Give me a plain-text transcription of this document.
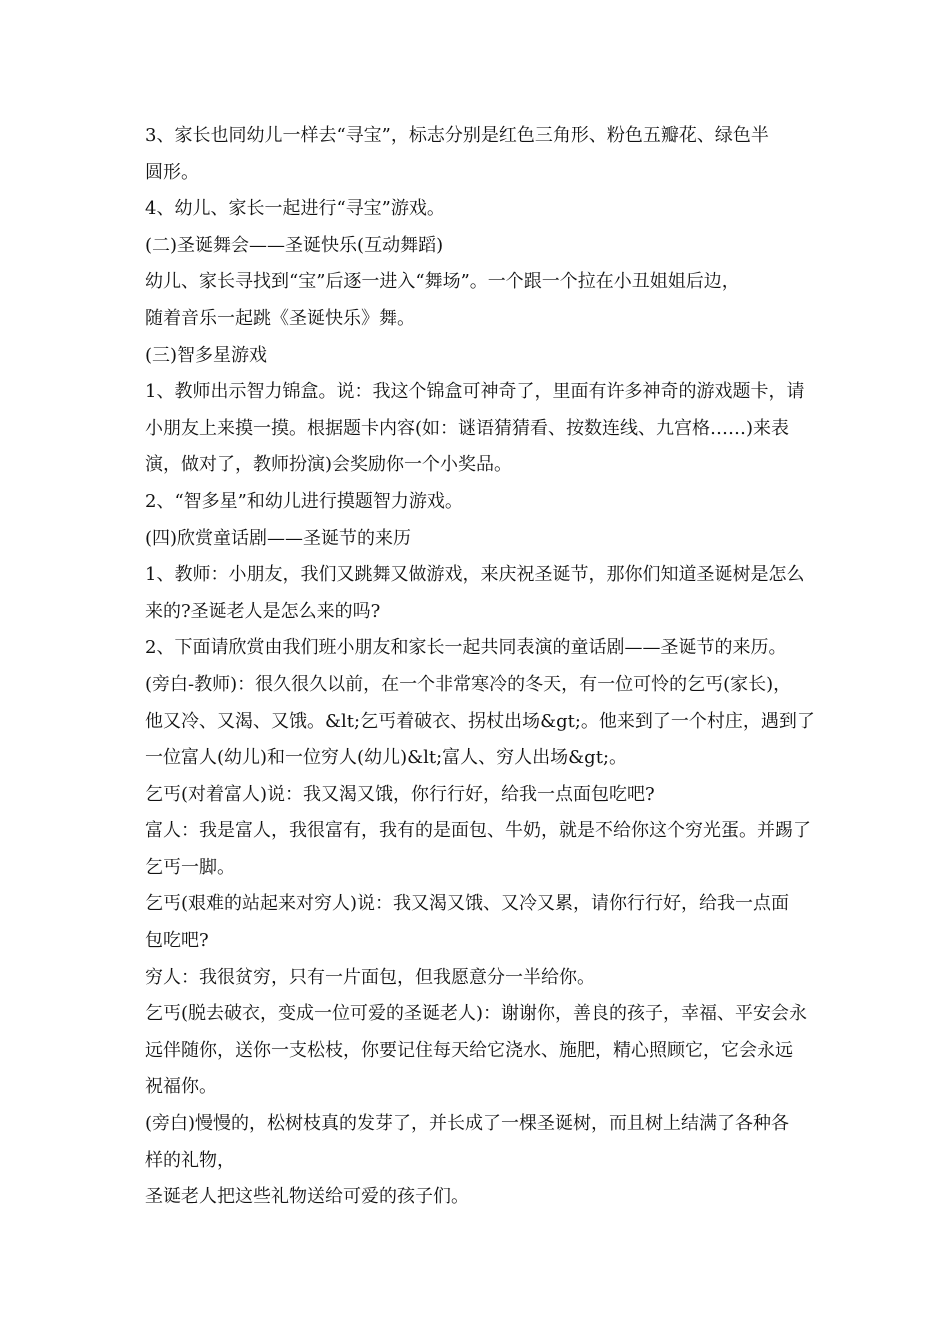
3、家长也同幼儿一样去“寻宝”，标志分别是红色三角形、粉色五瓣花、绿色半

圆形。

4、幼儿、家长一起进行“寻宝”游戏。

(二)圣诞舞会——圣诞快乐(互动舞蹈)

幼儿、家长寻找到“宝”后逐一进入“舞场”。一个跟一个拉在小丑姐姐后边，

随着音乐一起跳《圣诞快乐》舞。

(三)智多星游戏

1、教师出示智力锦盒。说：我这个锦盒可神奇了，里面有许多神奇的游戏题卡，请

小朋友上来摸一摸。根据题卡内容(如：谜语猜猜看、按数连线、九宫格……)来表

演，做对了，教师扮演)会奖励你一个小奖品。

2、“智多星”和幼儿进行摸题智力游戏。

(四)欣赏童话剧——圣诞节的来历

1、教师：小朋友，我们又跳舞又做游戏，来庆祝圣诞节，那你们知道圣诞树是怎么

来的?圣诞老人是怎么来的吗?

2、下面请欣赏由我们班小朋友和家长一起共同表演的童话剧——圣诞节的来历。

(旁白-教师)：很久很久以前，在一个非常寒冷的冬天，有一位可怜的乞丐(家长)，

他又冷、又渴、又饿。&lt;乞丐着破衣、拐杖出场&gt;。他来到了一个村庄，遇到了

一位富人(幼儿)和一位穷人(幼儿)&lt;富人、穷人出场&gt;。

乞丐(对着富人)说：我又渴又饿，你行行好，给我一点面包吃吧?

富人：我是富人，我很富有，我有的是面包、牛奶，就是不给你这个穷光蛋。并踢了

乞丐一脚。

乞丐(艰难的站起来对穷人)说：我又渴又饿、又冷又累，请你行行好，给我一点面

包吃吧?

穷人：我很贫穷，只有一片面包，但我愿意分一半给你。

乞丐(脱去破衣，变成一位可爱的圣诞老人)：谢谢你，善良的孩子，幸福、平安会永

远伴随你，送你一支松枝，你要记住每天给它浇水、施肥，精心照顾它，它会永远

祝福你。

(旁白)慢慢的，松树枝真的发芽了，并长成了一棵圣诞树，而且树上结满了各种各

样的礼物，

圣诞老人把这些礼物送给可爱的孩子们。
